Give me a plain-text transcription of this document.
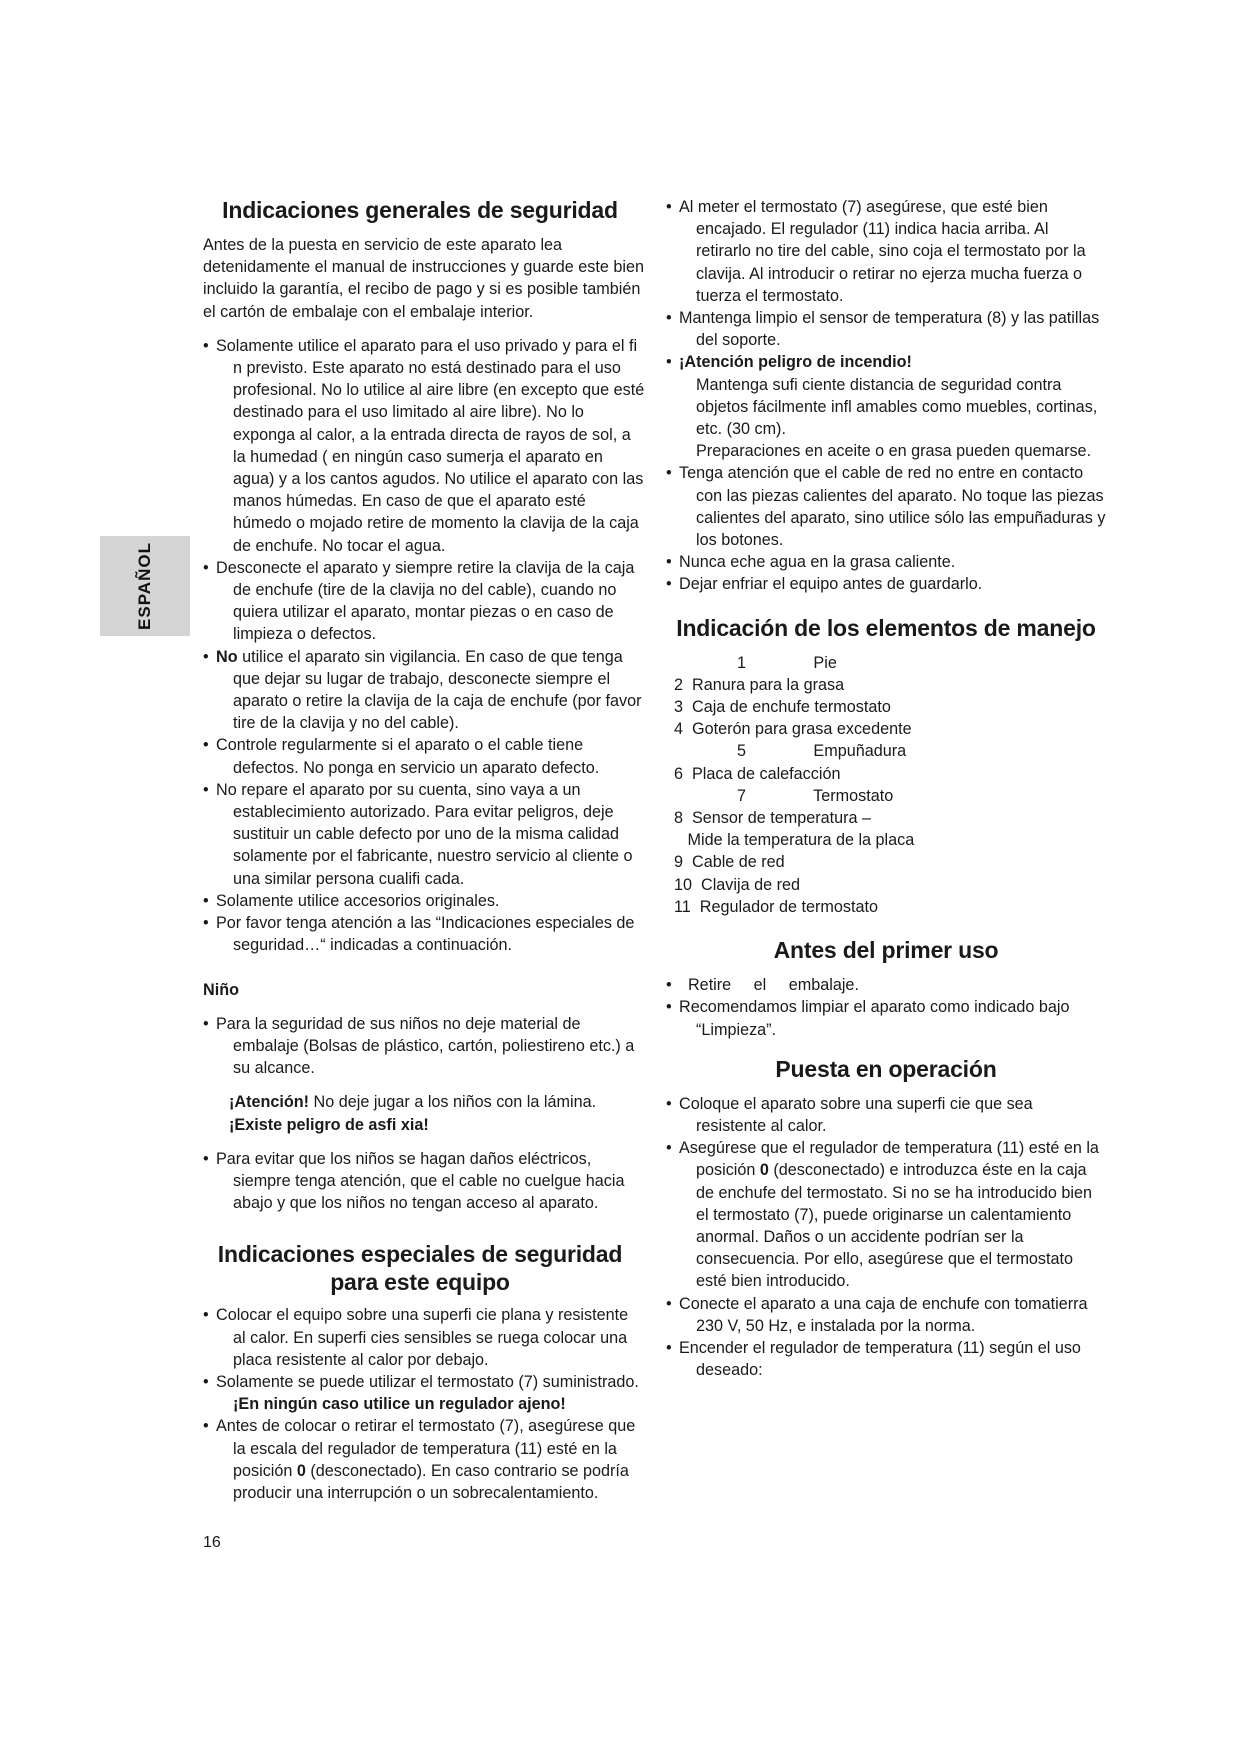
ESPAÑOL
Indicaciones generales de seguridad

Antes de la puesta en servicio de este aparato lea detenidamente el manual de instrucciones y guarde este bien incluido la garantía, el recibo de pago y si es posible también el cartón de embalaje con el embalaje interior.

• Solamente utilice el aparato para el uso privado y para el fi n previsto. Este aparato no está destinado para el uso profesional. No lo utilice al aire libre (en excepto que esté destinado para el uso limitado al aire libre). No lo exponga al calor, a la entrada directa de rayos de sol, a la humedad ( en ningún caso sumerja el aparato en agua) y a los cantos agudos. No utilice el aparato con las manos húmedas. En caso de que el aparato esté húmedo o mojado retire de momento la clavija de la caja de enchufe. No tocar el agua.
• Desconecte el aparato y siempre retire la clavija de la caja de enchufe (tire de la clavija no del cable), cuando no quiera utilizar el aparato, montar piezas o en caso de limpieza o defectos.
• No utilice el aparato sin vigilancia. En caso de que tenga que dejar su lugar de trabajo, desconecte siempre el aparato o retire la clavija de la caja de enchufe (por favor tire de la clavija y no del cable).
• Controle regularmente si el aparato o el cable tiene defectos. No ponga en servicio un aparato defecto.
• No repare el aparato por su cuenta, sino vaya a un establecimiento autorizado. Para evitar peligros, deje sustituir un cable defecto por uno de la misma calidad solamente por el fabricante, nuestro servicio al cliente o una similar persona cualifi cada.
• Solamente utilice accesorios originales.
• Por favor tenga atención a las “Indicaciones especiales de seguridad…“ indicadas a continuación.

Niño

• Para la seguridad de sus niños no deje material de embalaje (Bolsas de plástico, cartón, poliestireno etc.) a su alcance.

¡Atención! No deje jugar a los niños con la lámina. ¡Existe peligro de asfi xia!

• Para evitar que los niños se hagan daños eléctricos, siempre tenga atención, que el cable no cuelgue hacia abajo y que los niños no tengan acceso al aparato.
Indicaciones especiales de seguridad
para este equipo
• Colocar el equipo sobre una superfi cie plana y resistente al calor. En superfi cies sensibles se ruega colocar una placa resistente al calor por debajo.
• Solamente se puede utilizar el termostato (7) suministrado.

¡En ningún caso utilice un regulador ajeno!

• Antes de colocar o retirar el termostato (7), asegúrese que la escala del regulador de temperatura (11) esté en la posición 0 (desconectado). En caso contrario se podría producir una interrupción o un sobrecalentamiento.
• Al meter el termostato (7) asegúrese, que esté bien encajado. El regulador (11) indica hacia arriba. Al retirarlo no tire del cable, sino coja el termostato por la clavija. Al introducir o retirar no ejerza mucha fuerza o tuerza el termostato.
• Mantenga limpio el sensor de temperatura (8) y las patillas del soporte.
• ¡Atención peligro de incendio!
Mantenga sufi ciente distancia de seguridad contra objetos fácilmente infl amables como muebles, cortinas, etc. (30 cm).
Preparaciones en aceite o en grasa pueden quemarse.
• Tenga atención que el cable de red no entre en contacto con las piezas calientes del aparato. No toque las piezas calientes del aparato, sino utilice sólo las empuñaduras y los botones.
• Nunca eche agua en la grasa caliente.
• Dejar enfriar el equipo antes de guardarlo.
Indicación de los elementos de manejo
1               Pie
2  Ranura para la grasa
3  Caja de enchufe termostato
4  Goterón para grasa excedente
5               Empuñadura
6  Placa de calefacción
7               Termostato
8  Sensor de temperatura –
Mide la temperatura de la placa
9  Cable de red
10  Clavija de red
11  Regulador de termostato
Antes del primer uso
•   Retire     el     embalaje.
• Recomendamos limpiar el aparato como indicado bajo “Limpieza”.
Puesta en operación
• Coloque el aparato sobre una superfi cie que sea resistente al calor.
• Asegúrese que el regulador de temperatura (11) esté en la posición 0 (desconectado) e introduzca éste en la caja de enchufe del termostato. Si no se ha introducido bien el termostato (7), puede originarse un calentamiento anormal. Daños o un accidente podrían ser la consecuencia. Por ello, asegúrese que el termostato esté bien introducido.
• Conecte el aparato a una caja de enchufe con tomatierra 230 V, 50 Hz, e instalada por la norma.
• Encender el regulador de temperatura (11) según el uso deseado:
16
